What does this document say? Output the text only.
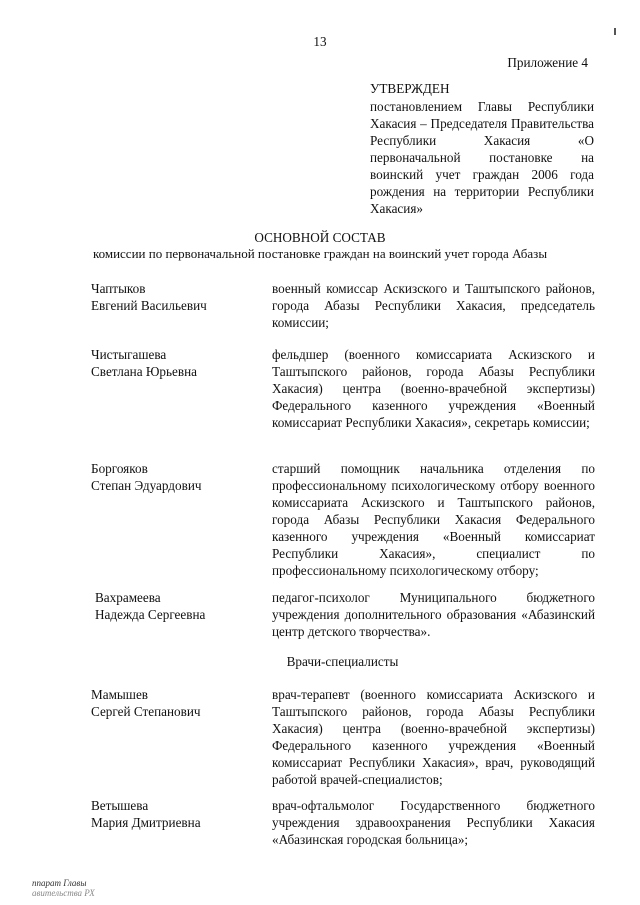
13
Приложение 4
УТВЕРЖДЕН
постановлением Главы Республики Хакасия – Председателя Правительства Республики Хакасия «О первоначальной постановке на воинский учет граждан 2006 года рождения на территории Республики Хакасия»
ОСНОВНОЙ СОСТАВ
комиссии по первоначальной постановке граждан на воинский учет города Абазы
Чаптыков
Евгений Васильевич
военный комиссар Аскизского и Таштыпского районов, города Абазы Республики Хакасия, председатель комиссии;
Чистыгашева
Светлана Юрьевна
фельдшер (военного комиссариата Аскизского и Таштыпского районов, города Абазы Республики Хакасия) центра (военно-врачебной экспертизы) Федерального казенного учреждения «Военный комиссариат Республики Хакасия», секретарь комиссии;
Боргояков
Степан Эдуардович
старший помощник начальника отделения по профессиональному психологическому отбору военного комиссариата Аскизского и Таштыпского районов, города Абазы Республики Хакасия Федерального казенного учреждения «Военный комиссариат Республики Хакасия», специалист по профессиональному психологическому отбору;
Вахрамеева
Надежда Сергеевна
педагог-психолог Муниципального бюджетного учреждения дополнительного образования «Абазинский центр детского творчества».
Врачи-специалисты
Мамышев
Сергей Степанович
врач-терапевт (военного комиссариата Аскизского и Таштыпского районов, города Абазы Республики Хакасия) центра (военно-врачебной экспертизы) Федерального казенного учреждения «Военный комиссариат Республики Хакасия», врач, руководящий работой врачей-специалистов;
Ветышева
Мария Дмитриевна
врач-офтальмолог Государственного бюджетного учреждения здравоохранения Республики Хакасия «Абазинская городская больница»;
ппарат Главы
авительства РХ
